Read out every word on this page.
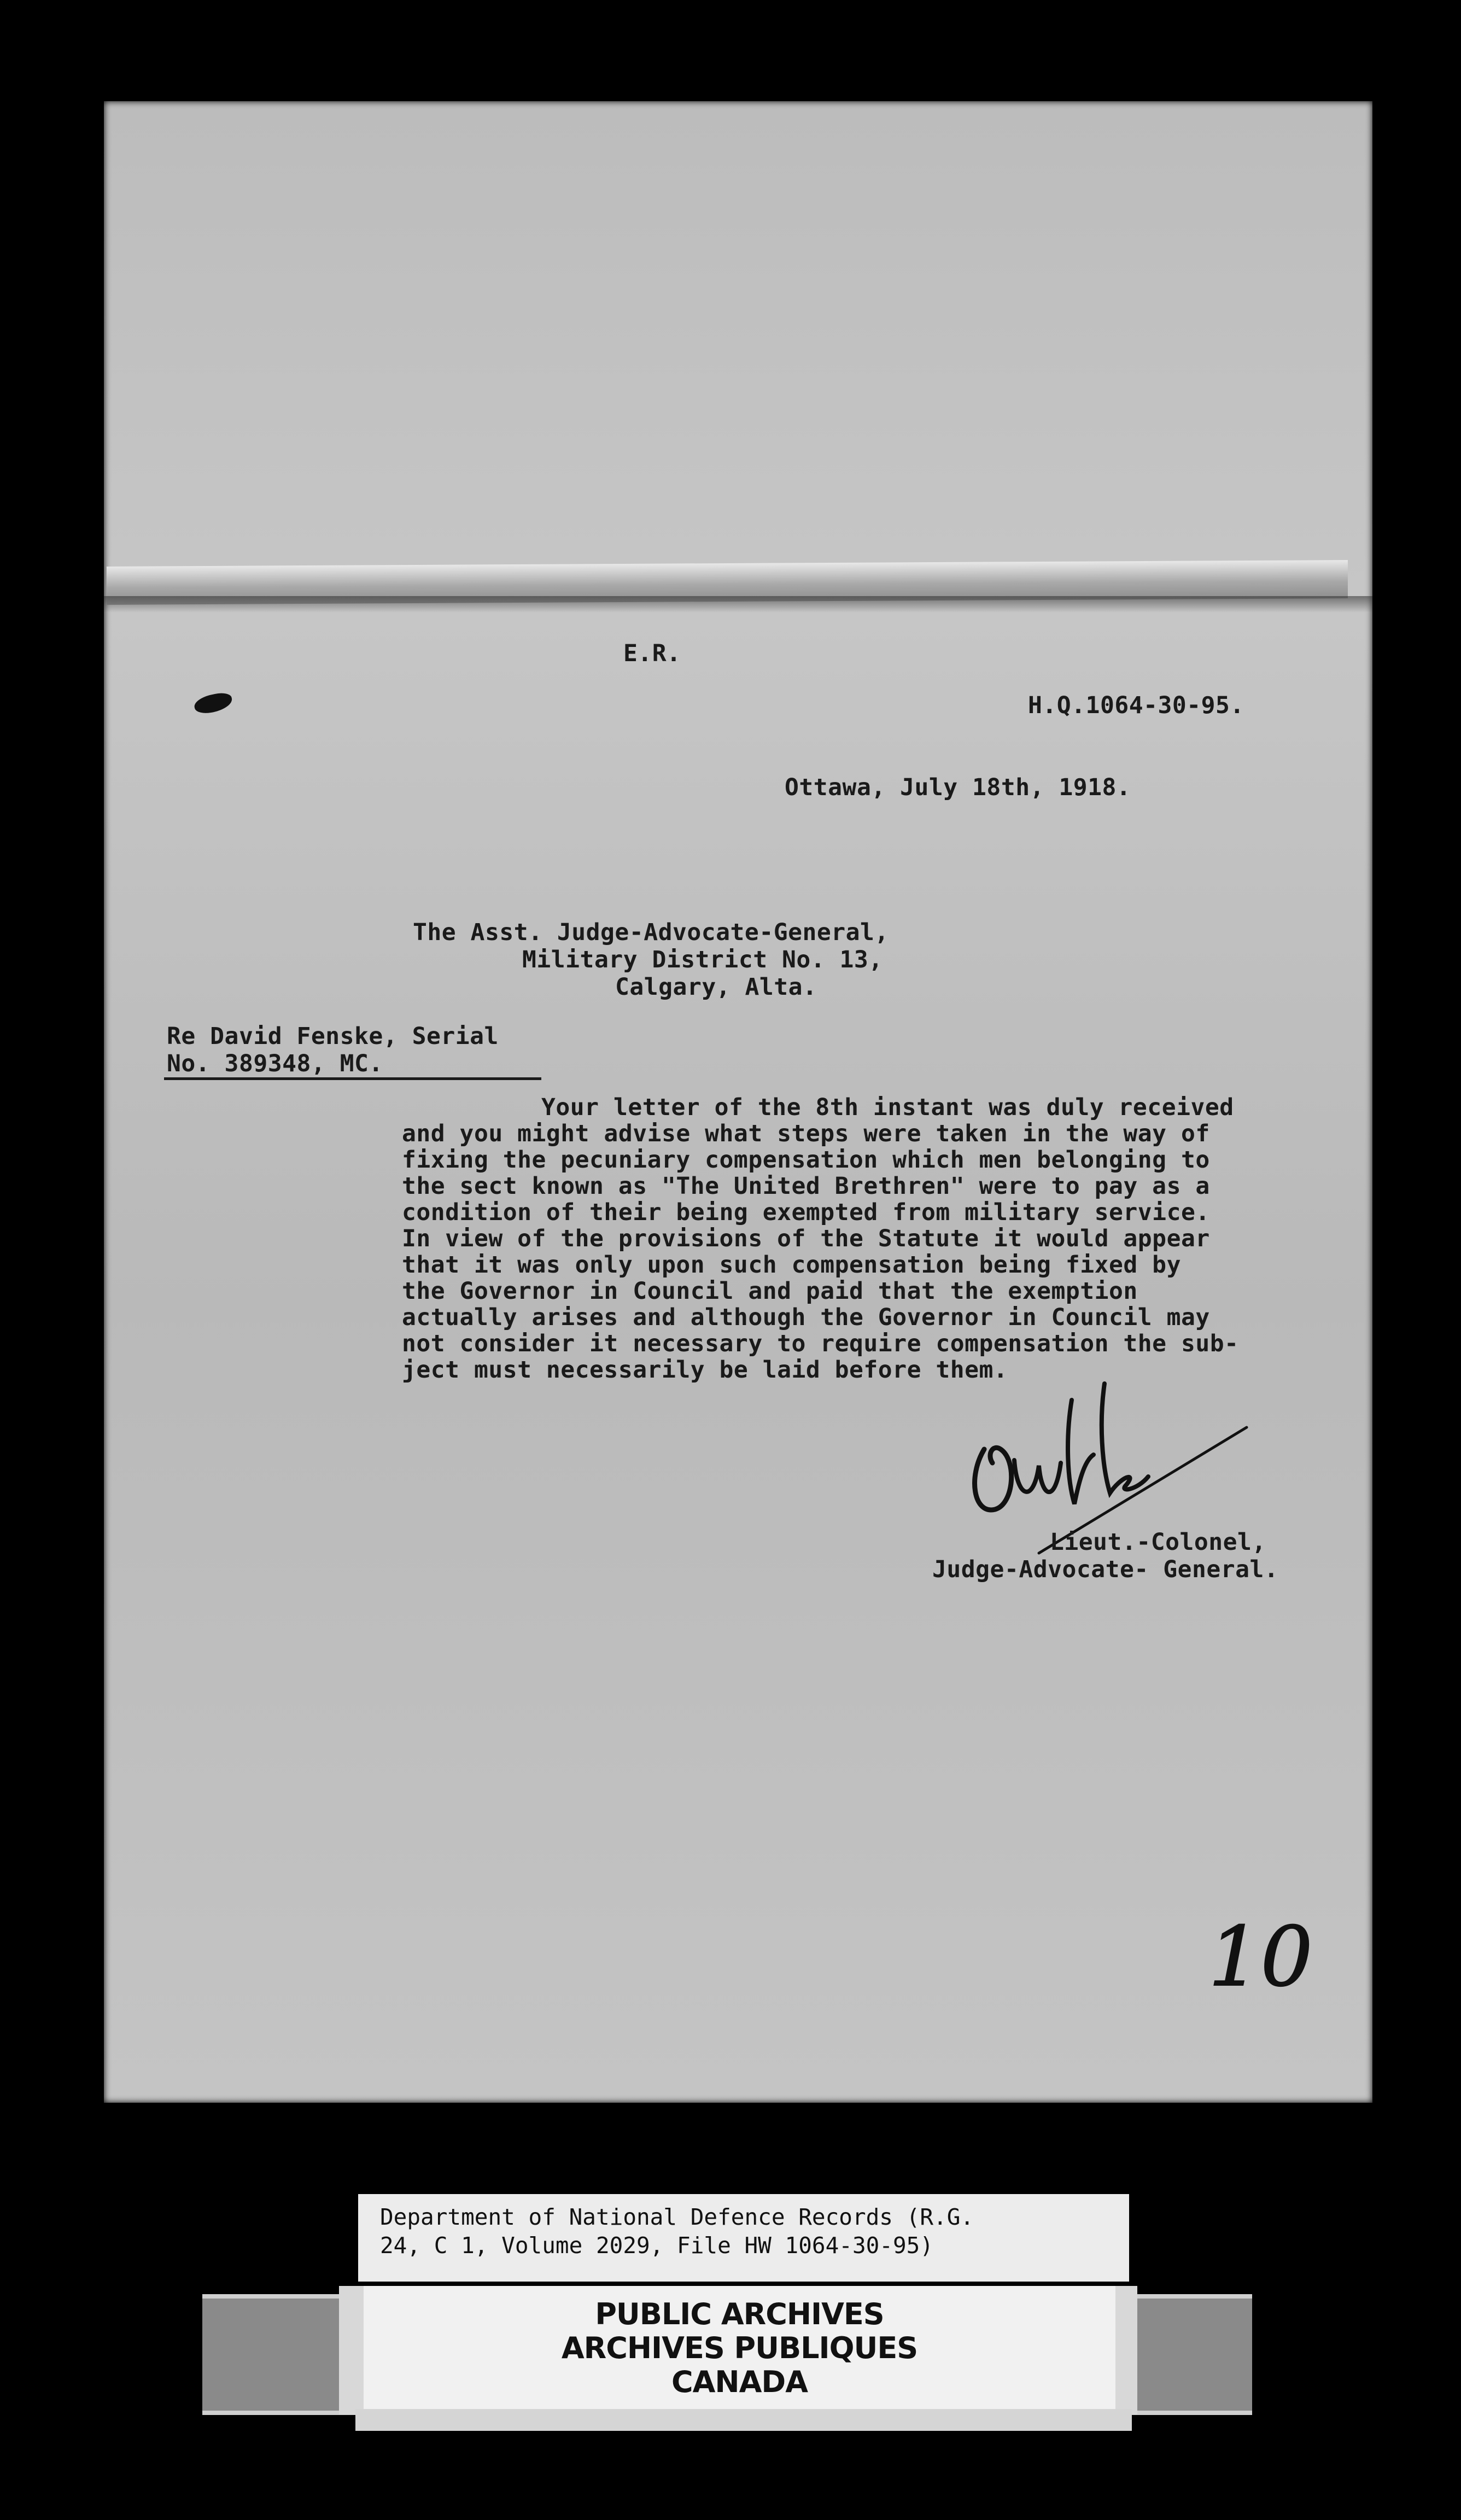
E.R.
H.Q.1064-30-95.
Ottawa, July 18th, 1918.
The Asst. Judge-Advocate-General,
Military District No. 13,
Calgary, Alta.
Re David Fenske, Serial
No. 389348, MC.
Your letter of the 8th instant was duly received
and you might advise what steps were taken in the way of
fixing the pecuniary compensation which men belonging to
the sect known as "The United Brethren" were to pay as a
condition of their being exempted from military service.
In view of the provisions of the Statute it would appear
that it was only upon such compensation being fixed by
the Governor in Council and paid that the exemption
actually arises and although the Governor in Council may
not consider it necessary to require compensation the sub-
ject must necessarily be laid before them.
Lieut.-Colonel,
Judge-Advocate- General.
10
Department of National Defence Records (R.G.
24, C 1, Volume 2029, File HW 1064-30-95)
PUBLIC ARCHIVES
ARCHIVES PUBLIQUES
CANADA
